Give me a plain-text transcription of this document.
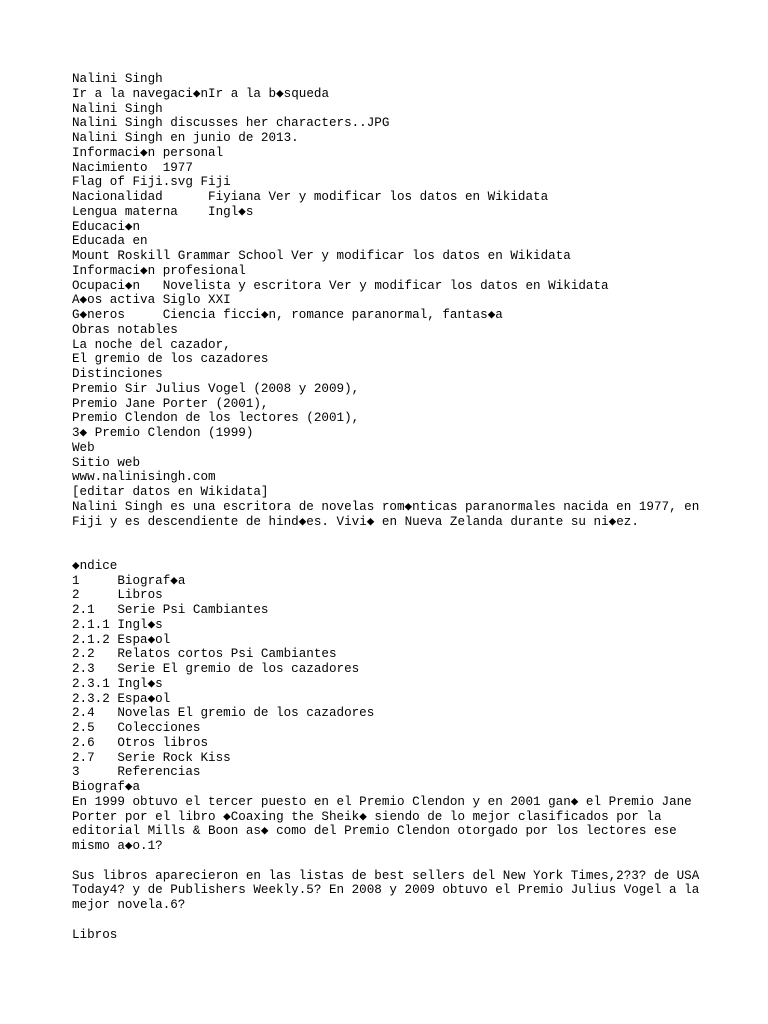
Nalini Singh
Ir a la navegaci◆nIr a la b◆squeda
Nalini Singh
Nalini Singh discusses her characters..JPG
Nalini Singh en junio de 2013.
Informaci◆n personal
Nacimiento  1977
Flag of Fiji.svg Fiji
Nacionalidad      Fiyiana Ver y modificar los datos en Wikidata
Lengua materna    Ingl◆s
Educaci◆n
Educada en
Mount Roskill Grammar School Ver y modificar los datos en Wikidata
Informaci◆n profesional
Ocupaci◆n   Novelista y escritora Ver y modificar los datos en Wikidata
A◆os activa Siglo XXI
G◆neros     Ciencia ficci◆n, romance paranormal, fantas◆a
Obras notables
La noche del cazador,
El gremio de los cazadores
Distinciones
Premio Sir Julius Vogel (2008 y 2009),
Premio Jane Porter (2001),
Premio Clendon de los lectores (2001),
3◆ Premio Clendon (1999)
Web
Sitio web
www.nalinisingh.com
[editar datos en Wikidata]
Nalini Singh es una escritora de novelas rom◆nticas paranormales nacida en 1977, en
Fiji y es descendiente de hind◆es. Vivi◆ en Nueva Zelanda durante su ni◆ez.
◆ndice
1     Biograf◆a
2     Libros
2.1   Serie Psi Cambiantes
2.1.1 Ingl◆s
2.1.2 Espa◆ol
2.2   Relatos cortos Psi Cambiantes
2.3   Serie El gremio de los cazadores
2.3.1 Ingl◆s
2.3.2 Espa◆ol
2.4   Novelas El gremio de los cazadores
2.5   Colecciones
2.6   Otros libros
2.7   Serie Rock Kiss
3     Referencias
Biograf◆a
En 1999 obtuvo el tercer puesto en el Premio Clendon y en 2001 gan◆ el Premio Jane
Porter por el libro ◆Coaxing the Sheik◆ siendo de lo mejor clasificados por la
editorial Mills & Boon as◆ como del Premio Clendon otorgado por los lectores ese
mismo a◆o.1?
Sus libros aparecieron en las listas de best sellers del New York Times,2?3? de USA
Today4? y de Publishers Weekly.5? En 2008 y 2009 obtuvo el Premio Julius Vogel a la
mejor novela.6?
Libros
